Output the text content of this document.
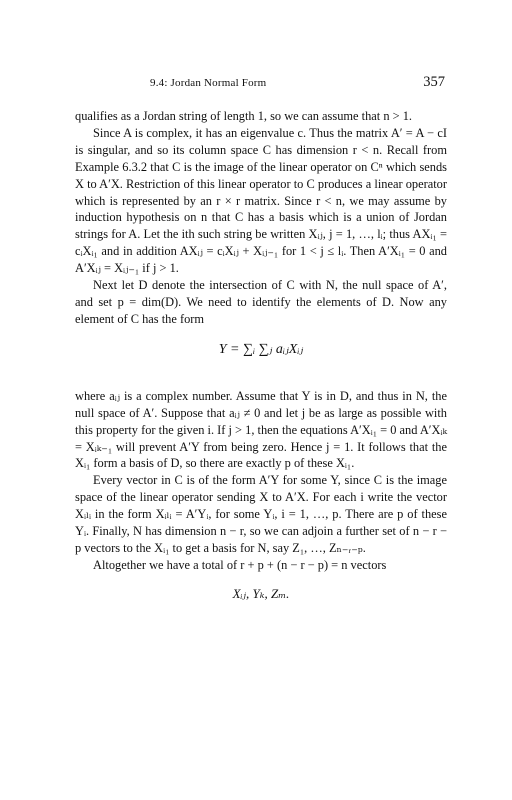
9.4: Jordan Normal Form	357

qualifies as a Jordan string of length 1, so we can assume that n > 1.

Since A is complex, it has an eigenvalue c. Thus the matrix A′ = A − cI is singular, and so its column space C has dimension r < n. Recall from Example 6.3.2 that C is the image of the linear operator on Cⁿ which sends X to A′X. Restriction of this linear operator to C produces a linear operator which is represented by an r × r matrix. Since r < n, we may assume by induction hypothesis on n that C has a basis which is a union of Jordan strings for A. Let the ith such string be written Xᵢⱼ, j = 1, …, lᵢ; thus AXᵢ₁ = cᵢXᵢ₁ and in addition AXᵢⱼ = cᵢXᵢⱼ + Xᵢⱼ₋₁ for 1 < j ≤ lᵢ. Then A′Xᵢ₁ = 0 and A′Xᵢⱼ = Xᵢⱼ₋₁ if j > 1.

Next let D denote the intersection of C with N, the null space of A′, and set p = dim(D). We need to identify the elements of D. Now any element of C has the form

Y = ∑ᵢ ∑ⱼ aᵢⱼXᵢⱼ

where aᵢⱼ is a complex number. Assume that Y is in D, and thus in N, the null space of A′. Suppose that aᵢⱼ ≠ 0 and let j be as large as possible with this property for the given i. If j > 1, then the equations A′Xᵢ₁ = 0 and A′Xᵢₖ = Xᵢₖ₋₁ will prevent A′Y from being zero. Hence j = 1. It follows that the Xᵢ₁ form a basis of D, so there are exactly p of these Xᵢ₁.

Every vector in C is of the form A′Y for some Y, since C is the image space of the linear operator sending X to A′X. For each i write the vector Xᵢₗᵢ in the form Xᵢₗᵢ = A′Yᵢ, for some Yᵢ, i = 1, …, p. There are p of these Yᵢ. Finally, N has dimension n − r, so we can adjoin a further set of n − r − p vectors to the Xᵢ₁ to get a basis for N, say Z₁, …, Zₙ₋ᵣ₋ₚ.

Altogether we have a total of r + p + (n − r − p) = n vectors

Xᵢⱼ, Yₖ, Zₘ.
